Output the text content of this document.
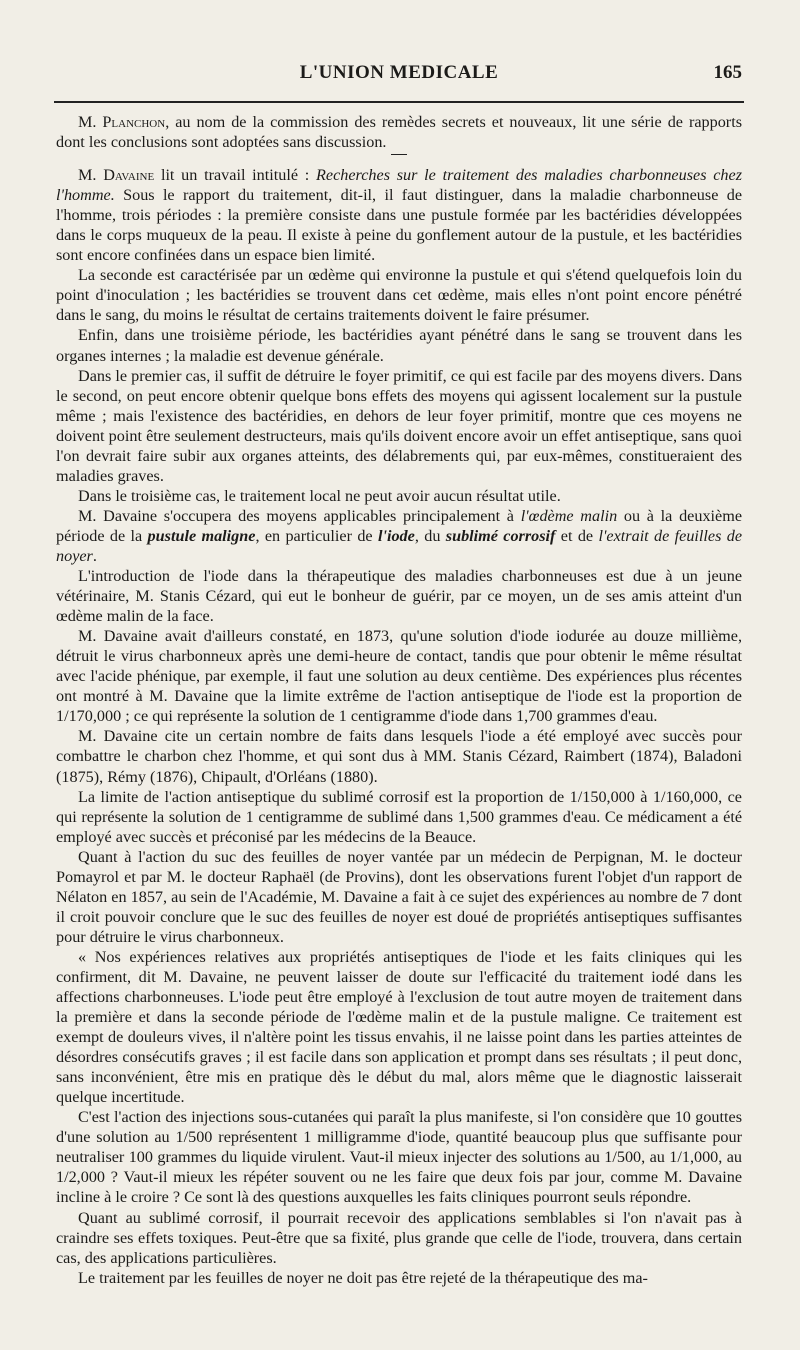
L'UNION MEDICALE	165

M. Planchon, au nom de la commission des remèdes secrets et nouveaux, lit une série de rapports dont les conclusions sont adoptées sans discussion.

M. Davaine lit un travail intitulé : Recherches sur le traitement des maladies charbonneuses chez l'homme. Sous le rapport du traitement, dit-il, il faut distinguer, dans la maladie charbonneuse de l'homme, trois périodes : la première consiste dans une pustule formée par les bactéridies développées dans le corps muqueux de la peau. Il existe à peine du gonflement autour de la pustule, et les bactéridies sont encore confinées dans un espace bien limité.

La seconde est caractérisée par un œdème qui environne la pustule et qui s'étend quelquefois loin du point d'inoculation ; les bactéridies se trouvent dans cet œdème, mais elles n'ont point encore pénétré dans le sang, du moins le résultat de certains traitements doivent le faire présumer.

Enfin, dans une troisième période, les bactéridies ayant pénétré dans le sang se trouvent dans les organes internes ; la maladie est devenue générale.

Dans le premier cas, il suffit de détruire le foyer primitif, ce qui est facile par des moyens divers. Dans le second, on peut encore obtenir quelque bons effets des moyens qui agissent localement sur la pustule même ; mais l'existence des bactéridies, en dehors de leur foyer primitif, montre que ces moyens ne doivent point être seulement destructeurs, mais qu'ils doivent encore avoir un effet antiseptique, sans quoi l'on devrait faire subir aux organes atteints, des délabrements qui, par eux-mêmes, constitueraient des maladies graves.

Dans le troisième cas, le traitement local ne peut avoir aucun résultat utile.

M. Davaine s'occupera des moyens applicables principalement à l'œdème malin ou à la deuxième période de la pustule maligne, en particulier de l'iode, du sublimé corrosif et de l'extrait de feuilles de noyer.

L'introduction de l'iode dans la thérapeutique des maladies charbonneuses est due à un jeune vétérinaire, M. Stanis Cézard, qui eut le bonheur de guérir, par ce moyen, un de ses amis atteint d'un œdème malin de la face.

M. Davaine avait d'ailleurs constaté, en 1873, qu'une solution d'iode iodurée au douze millième, détruit le virus charbonneux après une demi-heure de contact, tandis que pour obtenir le même résultat avec l'acide phénique, par exemple, il faut une solution au deux centième. Des expériences plus récentes ont montré à M. Davaine que la limite extrême de l'action antiseptique de l'iode est la proportion de 1/170,000 ; ce qui représente la solution de 1 centigramme d'iode dans 1,700 grammes d'eau.

M. Davaine cite un certain nombre de faits dans lesquels l'iode a été employé avec succès pour combattre le charbon chez l'homme, et qui sont dus à MM. Stanis Cézard, Raimbert (1874), Baladoni (1875), Rémy (1876), Chipault, d'Orléans (1880).

La limite de l'action antiseptique du sublimé corrosif est la proportion de 1/150,000 à 1/160,000, ce qui représente la solution de 1 centigramme de sublimé dans 1,500 grammes d'eau. Ce médicament a été employé avec succès et préconisé par les médecins de la Beauce.

Quant à l'action du suc des feuilles de noyer vantée par un médecin de Perpignan, M. le docteur Pomayrol et par M. le docteur Raphaël (de Provins), dont les observations furent l'objet d'un rapport de Nélaton en 1857, au sein de l'Académie, M. Davaine a fait à ce sujet des expériences au nombre de 7 dont il croit pouvoir conclure que le suc des feuilles de noyer est doué de propriétés antiseptiques suffisantes pour détruire le virus charbonneux.

« Nos expériences relatives aux propriétés antiseptiques de l'iode et les faits cliniques qui les confirment, dit M. Davaine, ne peuvent laisser de doute sur l'efficacité du traitement iodé dans les affections charbonneuses. L'iode peut être employé à l'exclusion de tout autre moyen de traitement dans la première et dans la seconde période de l'œdème malin et de la pustule maligne. Ce traitement est exempt de douleurs vives, il n'altère point les tissus envahis, il ne laisse point dans les parties atteintes de désordres consécutifs graves ; il est facile dans son application et prompt dans ses résultats ; il peut donc, sans inconvénient, être mis en pratique dès le début du mal, alors même que le diagnostic laisserait quelque incertitude.

C'est l'action des injections sous-cutanées qui paraît la plus manifeste, si l'on considère que 10 gouttes d'une solution au 1/500 représentent 1 milligramme d'iode, quantité beaucoup plus que suffisante pour neutraliser 100 grammes du liquide virulent. Vaut-il mieux injecter des solutions au 1/500, au 1/1,000, au 1/2,000 ? Vaut-il mieux les répéter souvent ou ne les faire que deux fois par jour, comme M. Davaine incline à le croire ? Ce sont là des questions auxquelles les faits cliniques pourront seuls répondre.

Quant au sublimé corrosif, il pourrait recevoir des applications semblables si l'on n'avait pas à craindre ses effets toxiques. Peut-être que sa fixité, plus grande que celle de l'iode, trouvera, dans certain cas, des applications particulières.

Le traitement par les feuilles de noyer ne doit pas être rejeté de la thérapeutique des ma-
